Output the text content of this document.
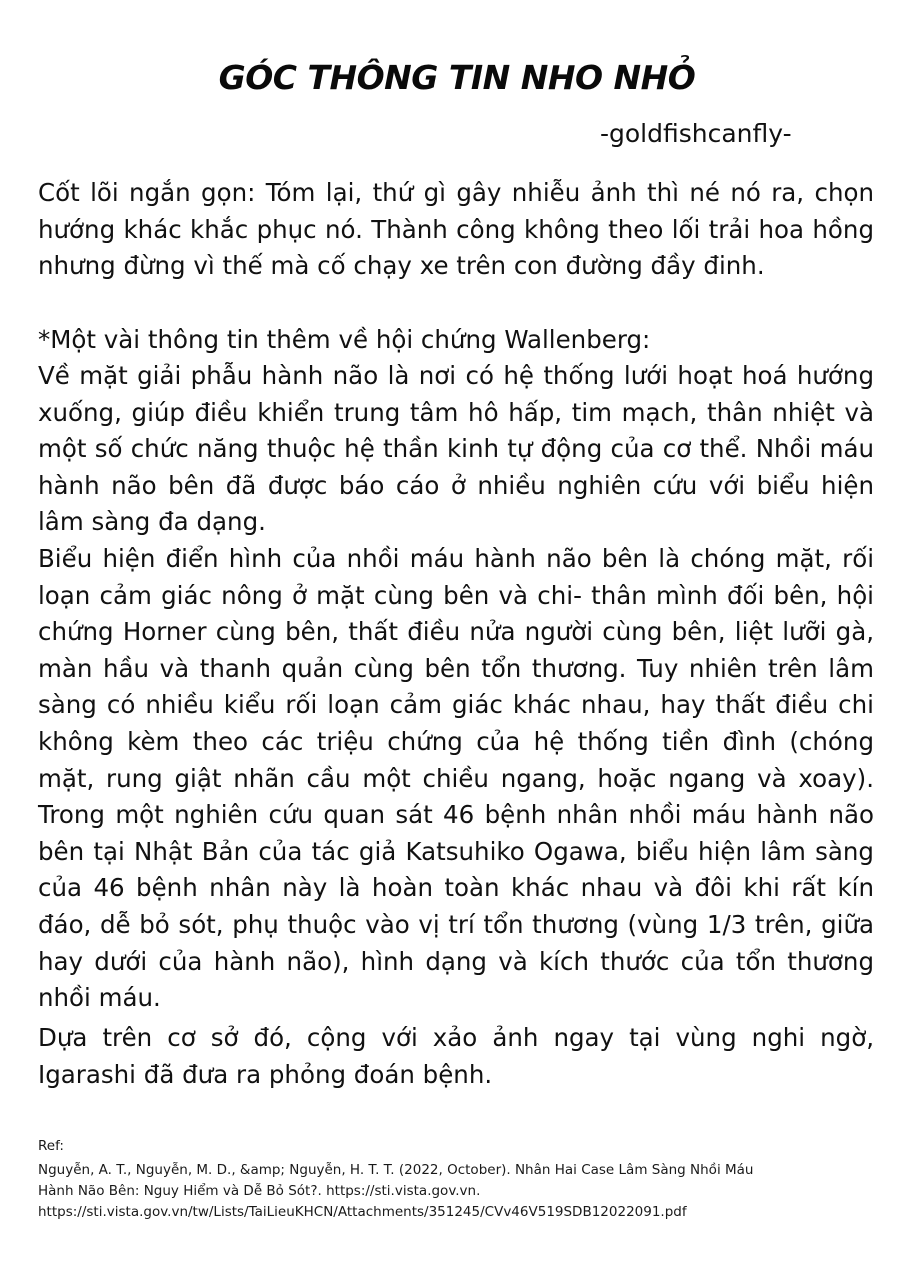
GÓC THÔNG TIN NHO NHỎ
-goldfishcanfly-

Cốt lõi ngắn gọn: Tóm lại, thứ gì gây nhiễu ảnh thì né nó ra, chọn hướng khác khắc phục nó. Thành công không theo lối trải hoa hồng nhưng đừng vì thế mà cố chạy xe trên con đường đầy đinh.

*Một vài thông tin thêm về hội chứng Wallenberg:

Về mặt giải phẫu hành não là nơi có hệ thống lưới hoạt hoá hướng xuống, giúp điều khiển trung tâm hô hấp, tim mạch, thân nhiệt và một số chức năng thuộc hệ thần kinh tự động của cơ thể. Nhồi máu hành não bên đã được báo cáo ở nhiều nghiên cứu với biểu hiện lâm sàng đa dạng.

Biểu hiện điển hình của nhồi máu hành não bên là chóng mặt, rối loạn cảm giác nông ở mặt cùng bên và chi- thân mình đối bên, hội chứng Horner cùng bên, thất điều nửa người cùng bên, liệt lưỡi gà, màn hầu và thanh quản cùng bên tổn thương. Tuy nhiên trên lâm sàng có nhiều kiểu rối loạn cảm giác khác nhau, hay thất điều chi không kèm theo các triệu chứng của hệ thống tiền đình (chóng mặt, rung giật nhãn cầu một chiều ngang, hoặc ngang và xoay). Trong một nghiên cứu quan sát 46 bệnh nhân nhồi máu hành não bên tại Nhật Bản của tác giả Katsuhiko Ogawa, biểu hiện lâm sàng của 46 bệnh nhân này là hoàn toàn khác nhau và đôi khi rất kín đáo, dễ bỏ sót, phụ thuộc vào vị trí tổn thương (vùng 1/3 trên, giữa hay dưới của hành não), hình dạng và kích thước của tổn thương nhồi máu.

Dựa trên cơ sở đó, cộng với xảo ảnh ngay tại vùng nghi ngờ, Igarashi đã đưa ra phỏng đoán bệnh.

Ref:

Nguyễn, A. T., Nguyễn, M. D., &amp; Nguyễn, H. T. T. (2022, October). Nhân Hai Case Lâm Sàng Nhồi Máu

Hành Não Bên: Nguy Hiểm và Dễ Bỏ Sót?. https://sti.vista.gov.vn.

https://sti.vista.gov.vn/tw/Lists/TaiLieuKHCN/Attachments/351245/CVv46V519SDB12022091.pdf
